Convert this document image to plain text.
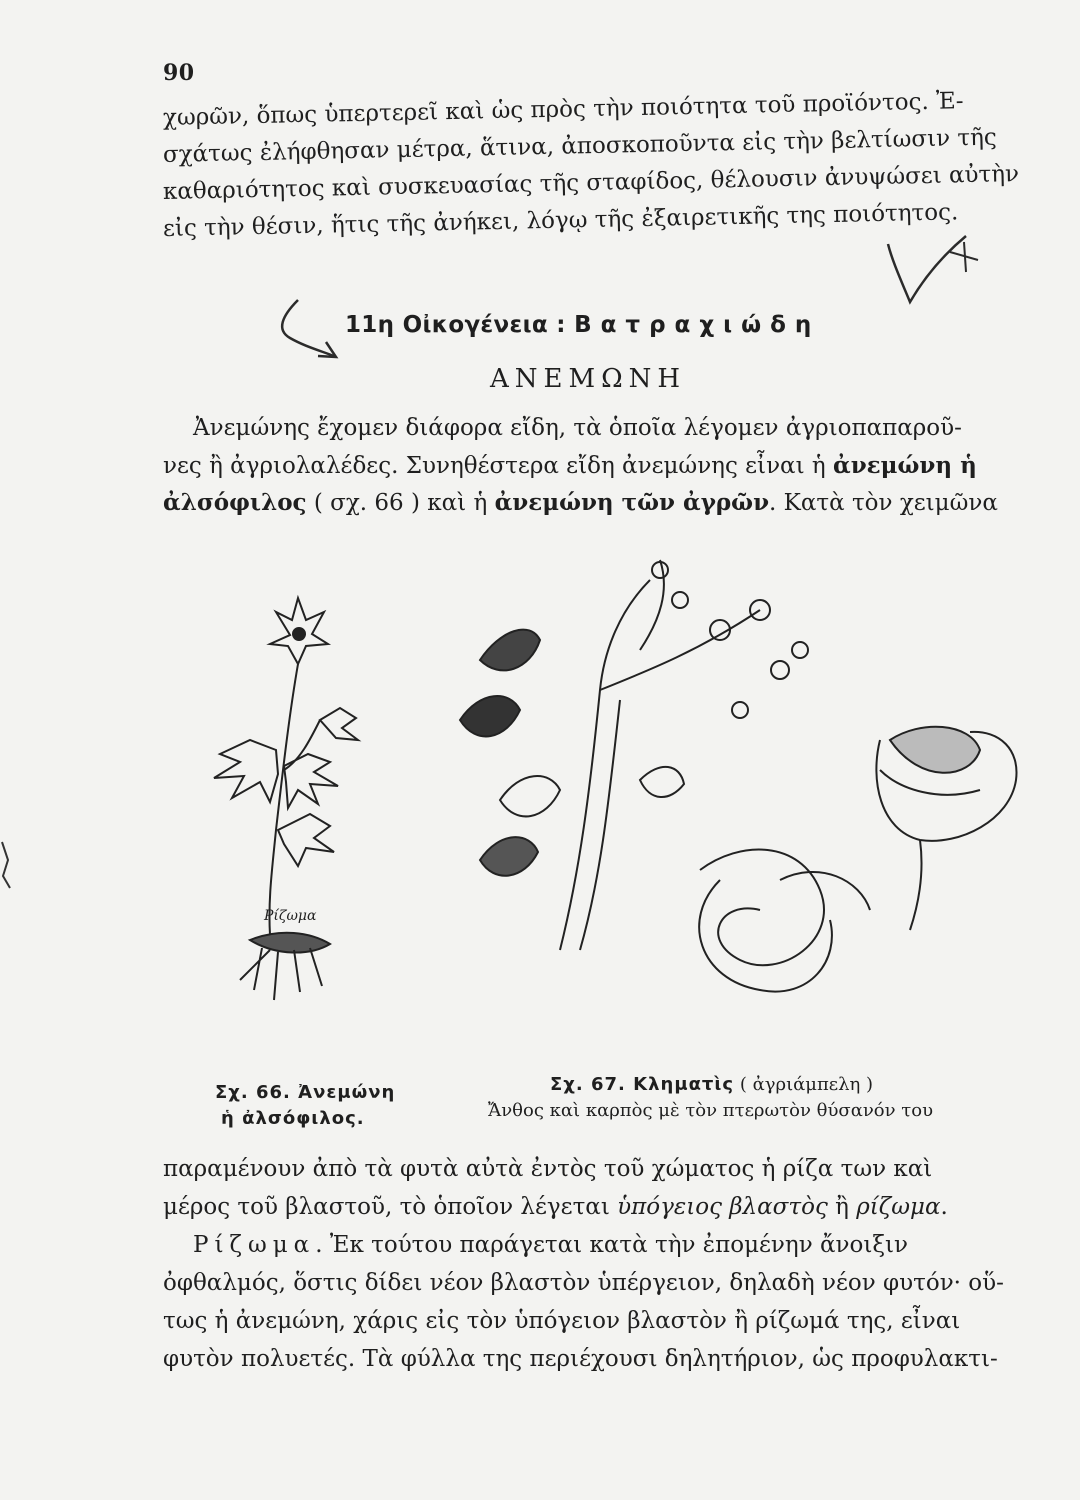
90
χωρῶν, ὅπως ὑπερτερεῖ καὶ ὡς πρὸς τὴν ποιότητα τοῦ προϊόντος. Ἐ-
σχάτως ἐλήφθησαν μέτρα, ἅτινα, ἀποσκοποῦντα εἰς τὴν βελτίωσιν τῆς
καθαριότητος καὶ συσκευασίας τῆς σταφίδος, θέλουσιν ἀνυψώσει αὐτὴν
εἰς τὴν θέσιν, ἥτις τῆς ἀνήκει, λόγῳ τῆς ἐξαιρετικῆς της ποιότητος.
11η Οἰκογένεια : Βατραχιώδη
ΑΝΕΜΩΝΗ
Ἀνεμώνης ἔχομεν διάφορα εἴδη, τὰ ὁποῖα λέγομεν ἀγριοπαπαροῦ-
νες ἢ ἀγριολαλέδες. Συνηθέστερα εἴδη ἀνεμώνης εἶναι ἡ ἀνεμώνη ἡ
ἀλσόφιλος ( σχ. 66 ) καὶ ἡ ἀνεμώνη τῶν ἀγρῶν. Κατὰ τὸν χειμῶνα
Ρίζωμα
Σχ. 66. Ἀνεμώνη
ἡ ἀλσόφιλος.
Σχ. 67. Κληματὶς ( ἀγριάμπελη )
Ἄνθος καὶ καρπὸς μὲ τὸν πτερωτὸν θύσανόν του
παραμένουν ἀπὸ τὰ φυτὰ αὐτὰ ἐντὸς τοῦ χώματος ἡ ρίζα των καὶ
μέρος τοῦ βλαστοῦ, τὸ ὁποῖον λέγεται ὑπόγειος βλαστὸς ἢ ρίζωμα.
Ρίζωμα. Ἐκ τούτου παράγεται κατὰ τὴν ἐπομένην ἄνοιξιν
ὀφθαλμός, ὅστις δίδει νέον βλαστὸν ὑπέργειον, δηλαδὴ νέον φυτόν· οὕ-
τως ἡ ἀνεμώνη, χάρις εἰς τὸν ὑπόγειον βλαστὸν ἢ ρίζωμά της, εἶναι
φυτὸν πολυετές. Τὰ φύλλα της περιέχουσι δηλητήριον, ὡς προφυλακτι-
